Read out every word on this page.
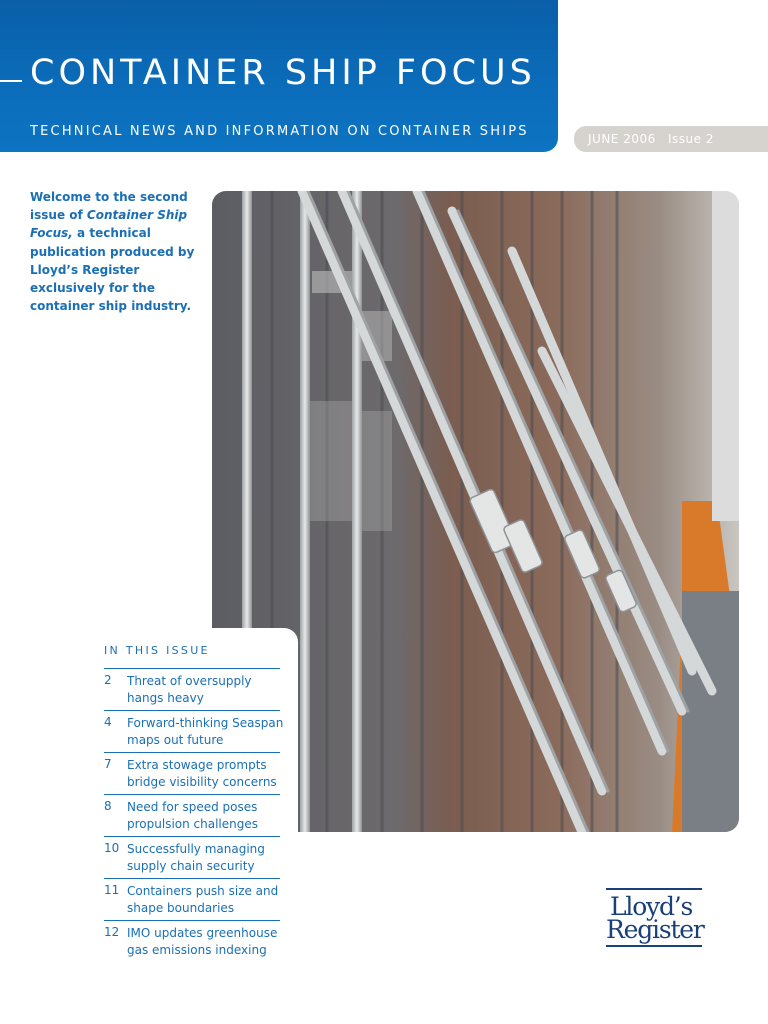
CONTAINER SHIP FOCUS
TECHNICAL NEWS AND INFORMATION ON CONTAINER SHIPS	JUNE 2006 Issue 2

Welcome to the second issue of Container Ship Focus, a technical publication produced by Lloyd’s Register exclusively for the container ship industry.

IN THIS ISSUE
2 Threat of oversupply hangs heavy
4 Forward-thinking Seaspan maps out future
7 Extra stowage prompts bridge visibility concerns
8 Need for speed poses propulsion challenges
10 Successfully managing supply chain security
11 Containers push size and shape boundaries
12 IMO updates greenhouse gas emissions indexing
Lloyd’s
Register
